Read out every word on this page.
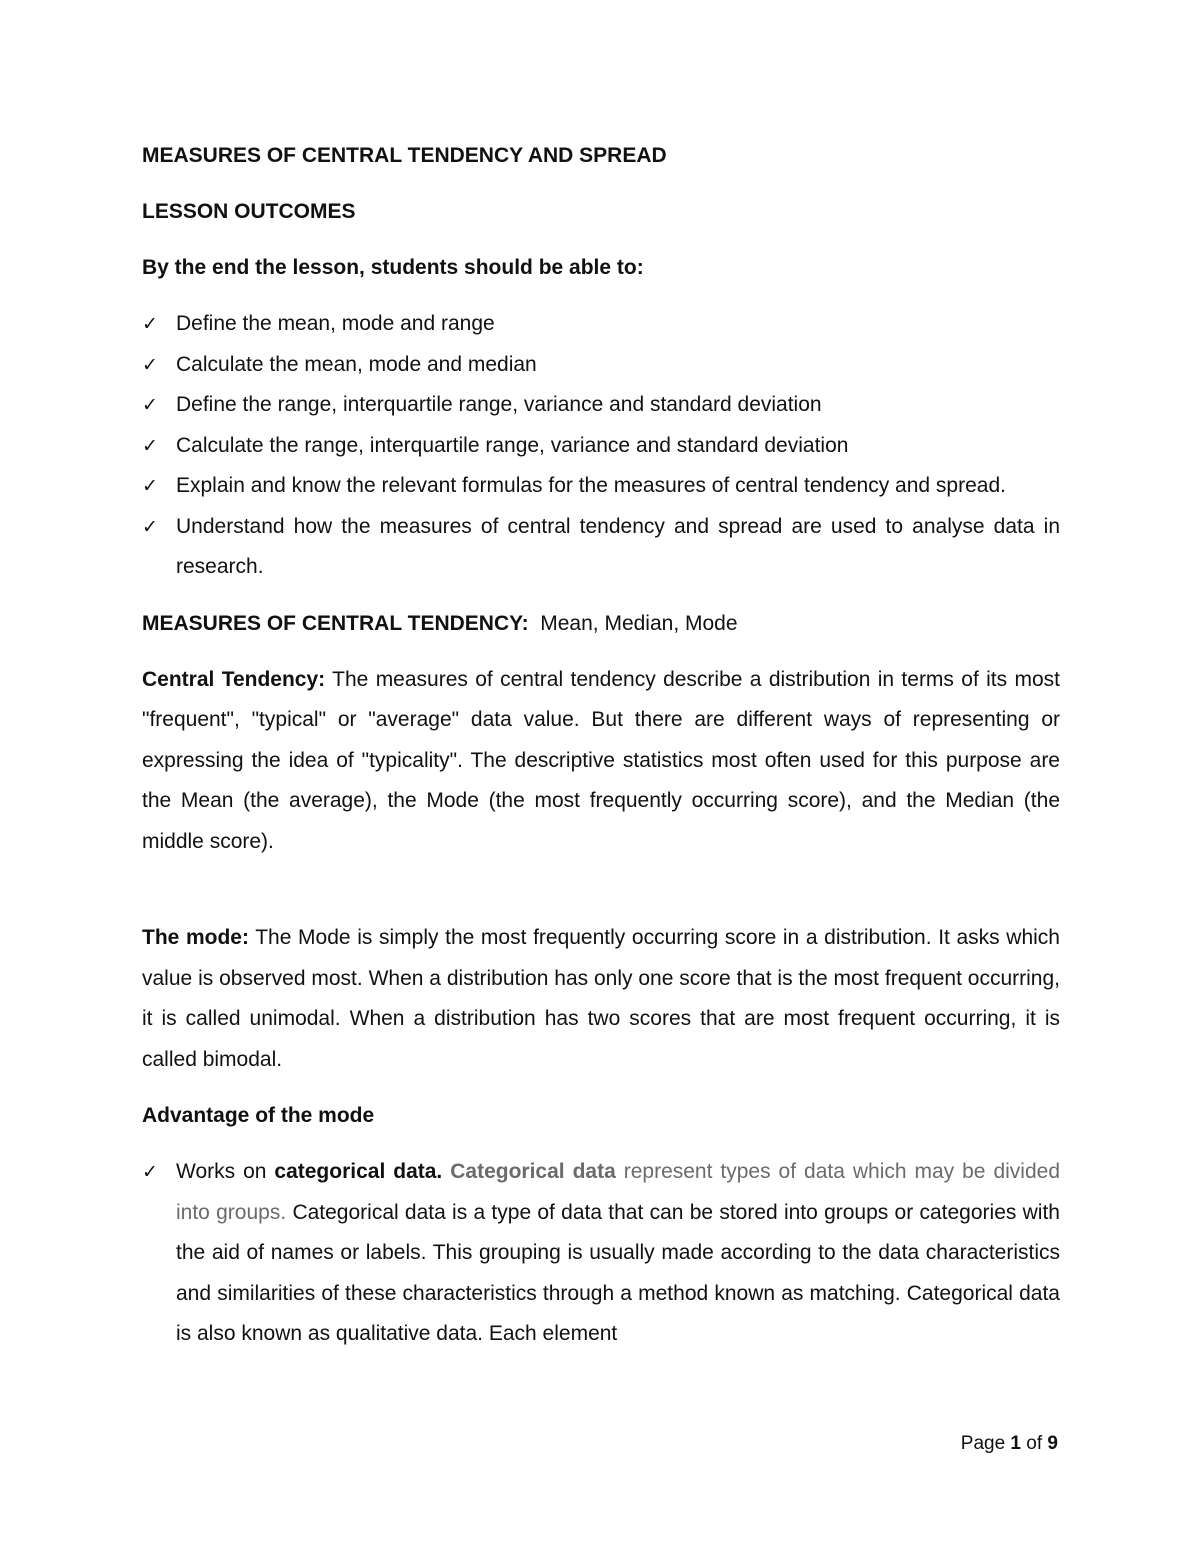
MEASURES OF CENTRAL TENDENCY AND SPREAD

LESSON OUTCOMES

By the end the lesson, students should be able to:

✓ Define the mean, mode and range
✓ Calculate the mean, mode and median
✓ Define the range, interquartile range, variance and standard deviation
✓ Calculate the range, interquartile range, variance and standard deviation
✓ Explain and know the relevant formulas for the measures of central tendency and spread.
✓ Understand how the measures of central tendency and spread are used to analyse data in research.

MEASURES OF CENTRAL TENDENCY: Mean, Median, Mode

Central Tendency: The measures of central tendency describe a distribution in terms of its most "frequent", "typical" or "average" data value. But there are different ways of representing or expressing the idea of "typicality". The descriptive statistics most often used for this purpose are the Mean (the average), the Mode (the most frequently occurring score), and the Median (the middle score).

The mode: The Mode is simply the most frequently occurring score in a distribution. It asks which value is observed most. When a distribution has only one score that is the most frequent occurring, it is called unimodal. When a distribution has two scores that are most frequent occurring, it is called bimodal.

Advantage of the mode

✓ Works on categorical data. Categorical data represent types of data which may be divided into groups. Categorical data is a type of data that can be stored into groups or categories with the aid of names or labels. This grouping is usually made according to the data characteristics and similarities of these characteristics through a method known as matching. Categorical data is also known as qualitative data. Each element
Page 1 of 9
